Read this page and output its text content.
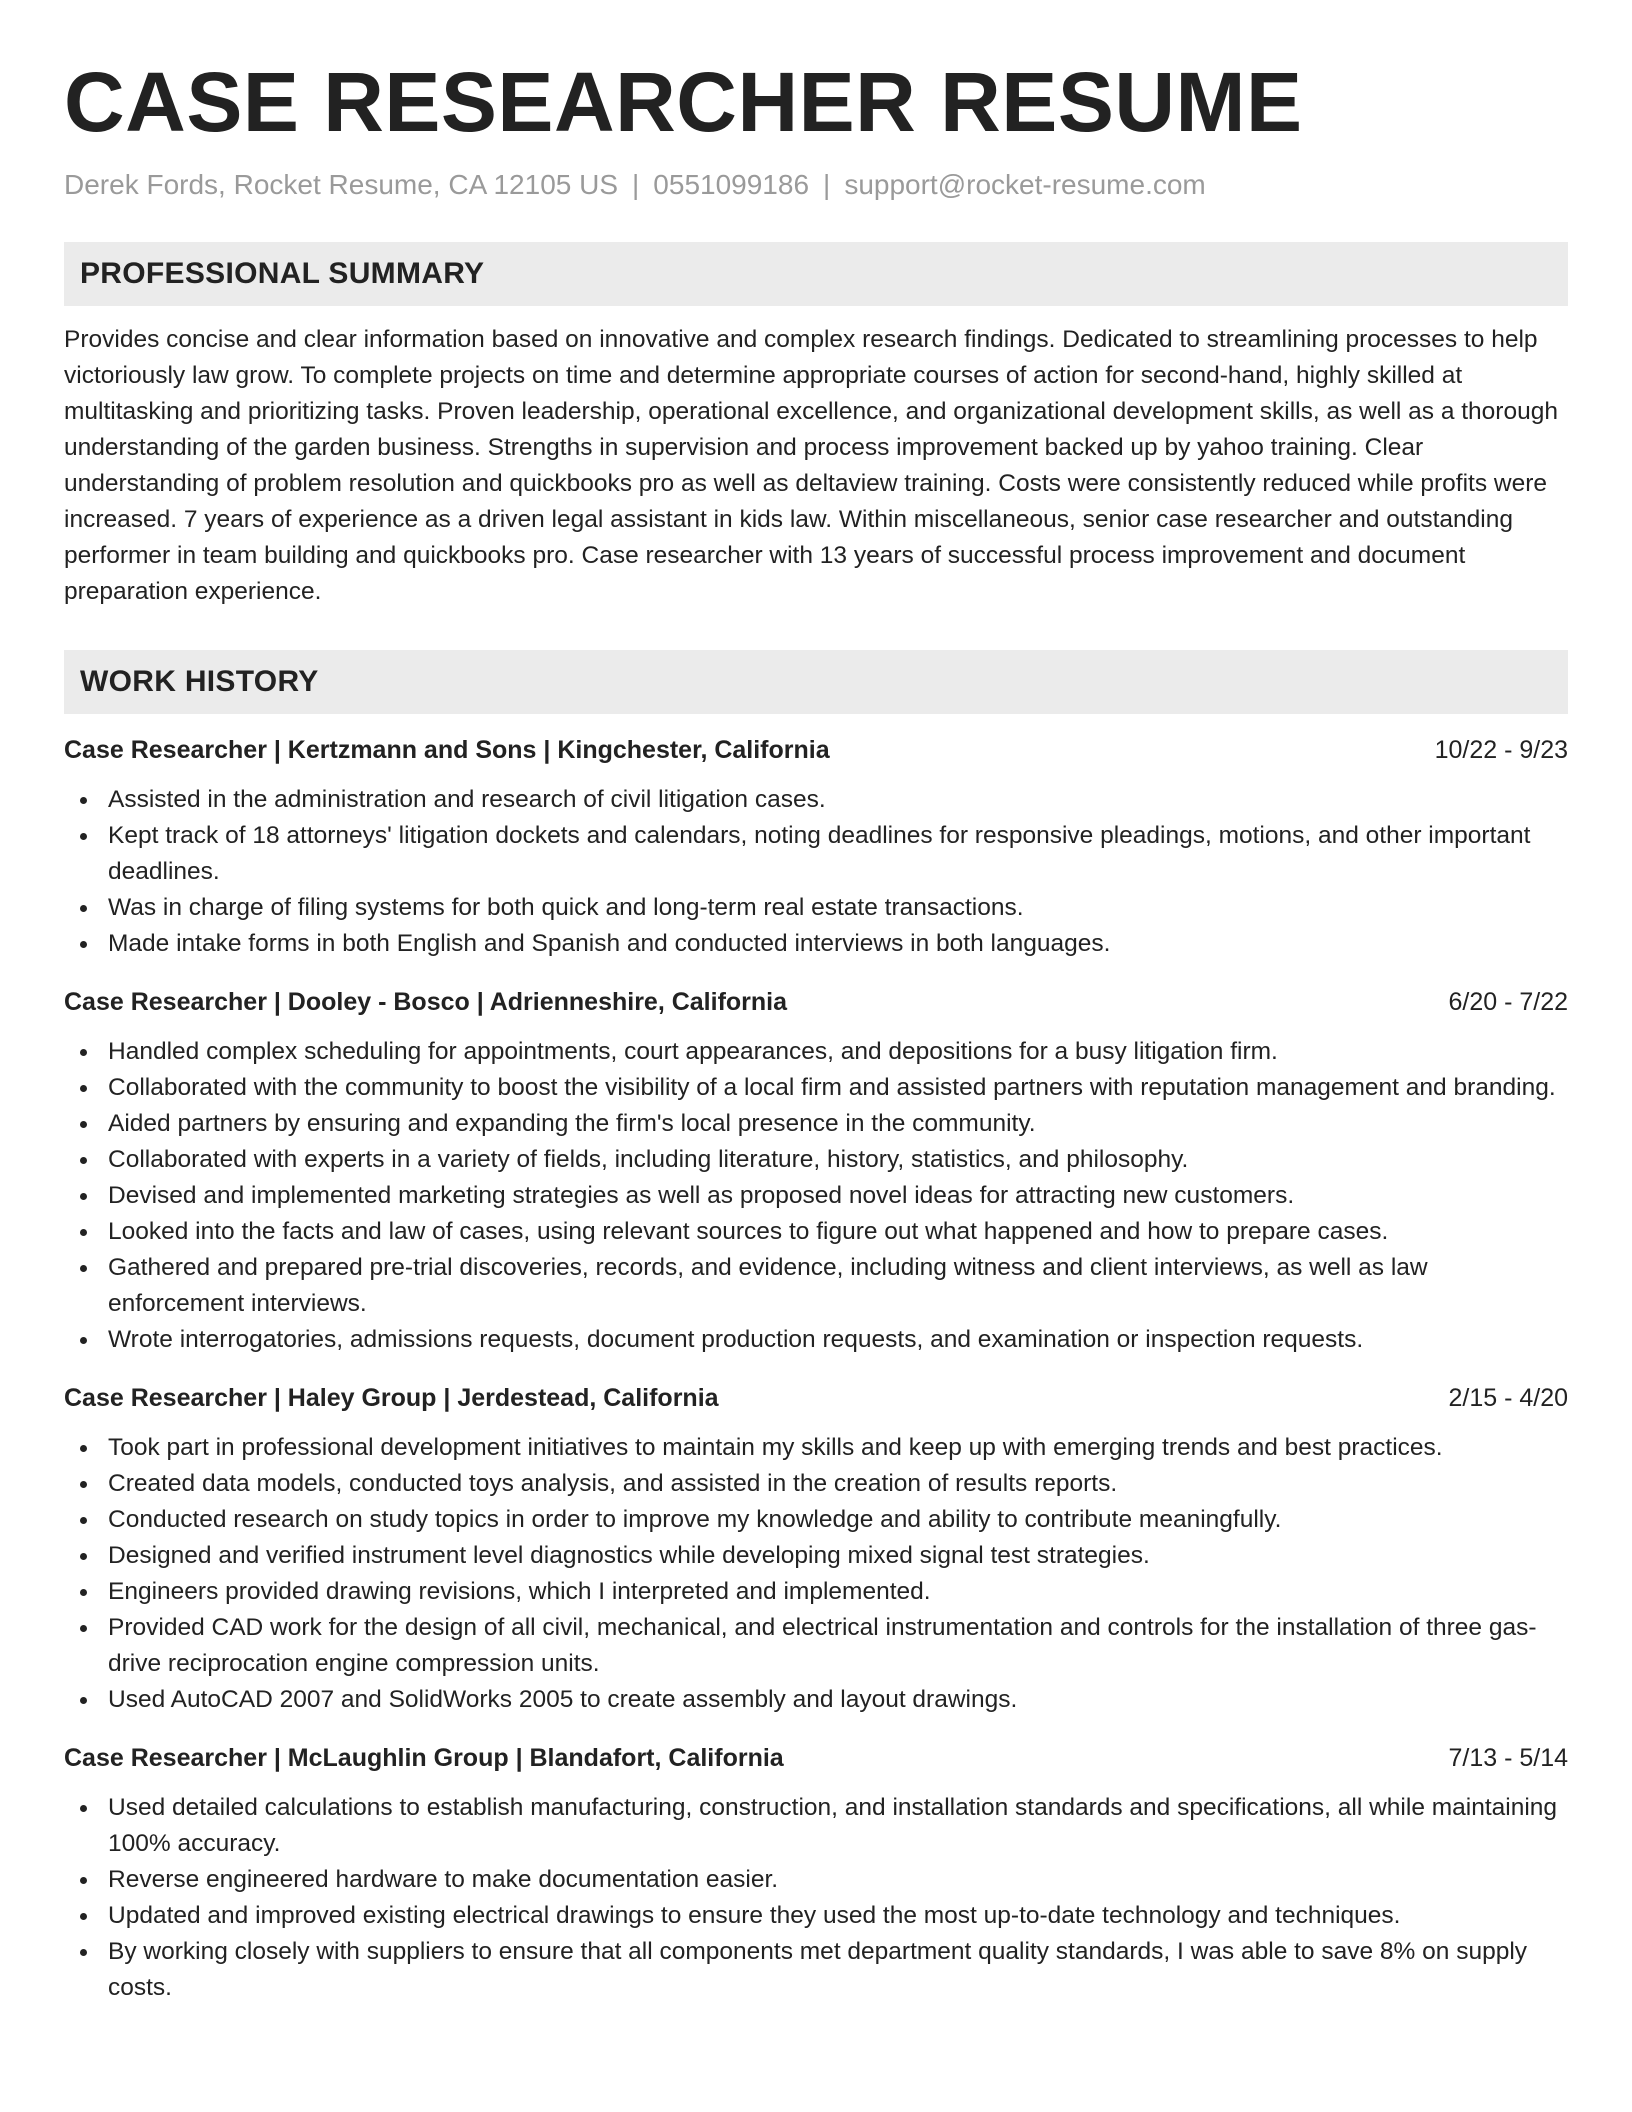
CASE RESEARCHER RESUME
Derek Fords, Rocket Resume, CA 12105 US | 0551099186 | support@rocket-resume.com
PROFESSIONAL SUMMARY

Provides concise and clear information based on innovative and complex research findings. Dedicated to streamlining processes to help victoriously law grow. To complete projects on time and determine appropriate courses of action for second-hand, highly skilled at multitasking and prioritizing tasks. Proven leadership, operational excellence, and organizational development skills, as well as a thorough understanding of the garden business. Strengths in supervision and process improvement backed up by yahoo training. Clear understanding of problem resolution and quickbooks pro as well as deltaview training. Costs were consistently reduced while profits were increased. 7 years of experience as a driven legal assistant in kids law. Within miscellaneous, senior case researcher and outstanding performer in team building and quickbooks pro. Case researcher with 13 years of successful process improvement and document preparation experience.

WORK HISTORY
Case Researcher | Kertzmann and Sons | Kingchester, California	10/22 - 9/23
Assisted in the administration and research of civil litigation cases.
Kept track of 18 attorneys' litigation dockets and calendars, noting deadlines for responsive pleadings, motions, and other important deadlines.
Was in charge of filing systems for both quick and long-term real estate transactions.
Made intake forms in both English and Spanish and conducted interviews in both languages.
Case Researcher | Dooley - Bosco | Adrienneshire, California	6/20 - 7/22
Handled complex scheduling for appointments, court appearances, and depositions for a busy litigation firm.
Collaborated with the community to boost the visibility of a local firm and assisted partners with reputation management and branding.
Aided partners by ensuring and expanding the firm's local presence in the community.
Collaborated with experts in a variety of fields, including literature, history, statistics, and philosophy.
Devised and implemented marketing strategies as well as proposed novel ideas for attracting new customers.
Looked into the facts and law of cases, using relevant sources to figure out what happened and how to prepare cases.
Gathered and prepared pre-trial discoveries, records, and evidence, including witness and client interviews, as well as law enforcement interviews.
Wrote interrogatories, admissions requests, document production requests, and examination or inspection requests.
Case Researcher | Haley Group | Jerdestead, California	2/15 - 4/20
Took part in professional development initiatives to maintain my skills and keep up with emerging trends and best practices.
Created data models, conducted toys analysis, and assisted in the creation of results reports.
Conducted research on study topics in order to improve my knowledge and ability to contribute meaningfully.
Designed and verified instrument level diagnostics while developing mixed signal test strategies.
Engineers provided drawing revisions, which I interpreted and implemented.
Provided CAD work for the design of all civil, mechanical, and electrical instrumentation and controls for the installation of three gas-drive reciprocation engine compression units.
Used AutoCAD 2007 and SolidWorks 2005 to create assembly and layout drawings.
Case Researcher | McLaughlin Group | Blandafort, California	7/13 - 5/14
Used detailed calculations to establish manufacturing, construction, and installation standards and specifications, all while maintaining 100% accuracy.
Reverse engineered hardware to make documentation easier.
Updated and improved existing electrical drawings to ensure they used the most up-to-date technology and techniques.
By working closely with suppliers to ensure that all components met department quality standards, I was able to save 8% on supply costs.
